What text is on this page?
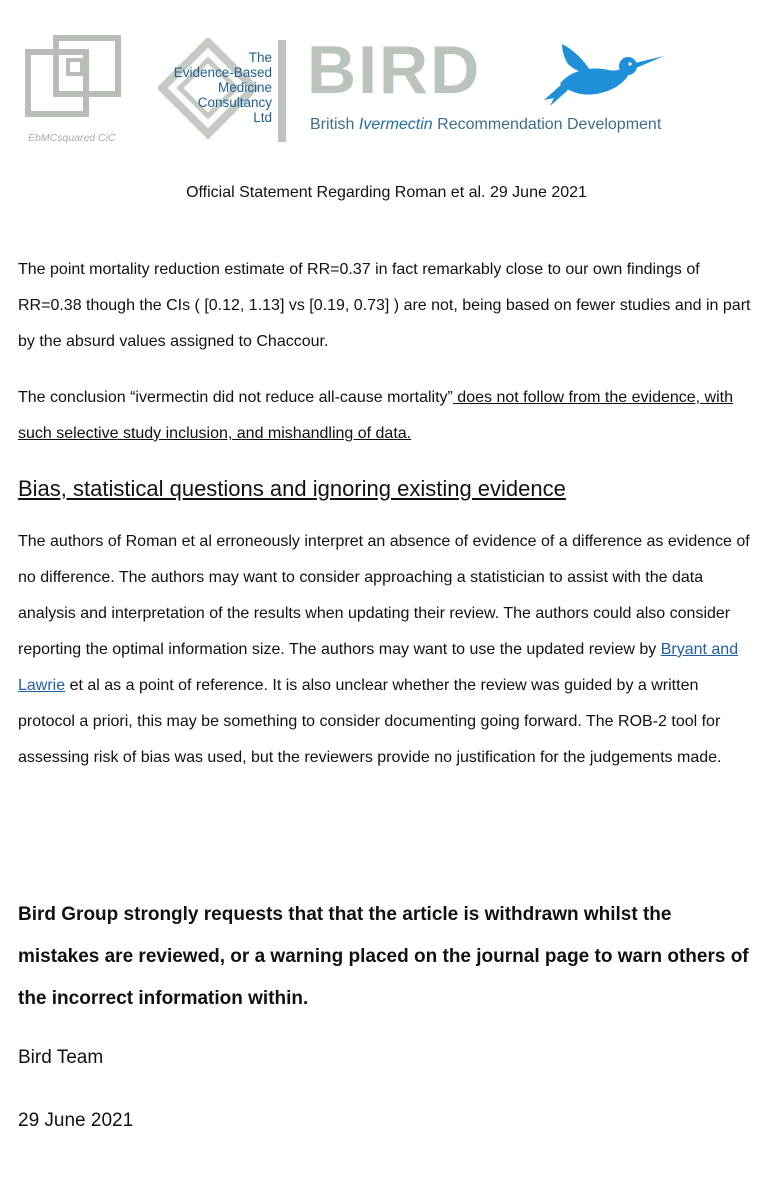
EbMCsquared CiC
The
Evidence-Based
Medicine
Consultancy
Ltd
BIRD
British Ivermectin Recommendation Development
Official Statement Regarding Roman et al. 29 June 2021
The point mortality reduction estimate of RR=0.37 in fact remarkably close to our own findings of RR=0.38 though the CIs ( [0.12, 1.13] vs [0.19, 0.73] ) are not, being based on fewer studies and in part by the absurd values assigned to Chaccour.
The conclusion “ivermectin did not reduce all-cause mortality” does not follow from the evidence, with such selective study inclusion, and mishandling of data.
Bias, statistical questions and ignoring existing evidence
The authors of Roman et al erroneously interpret an absence of evidence of a difference as evidence of no difference. The authors may want to consider approaching a statistician to assist with the data analysis and interpretation of the results when updating their review. The authors could also consider reporting the optimal information size. The authors may want to use the updated review by Bryant and Lawrie et al as a point of reference. It is also unclear whether the review was guided by a written protocol a priori, this may be something to consider documenting going forward. The ROB-2 tool for assessing risk of bias was used, but the reviewers provide no justification for the judgements made.
Bird Group strongly requests that that the article is withdrawn whilst the mistakes are reviewed, or a warning placed on the journal page to warn others of the incorrect information within.
Bird Team
29 June 2021
